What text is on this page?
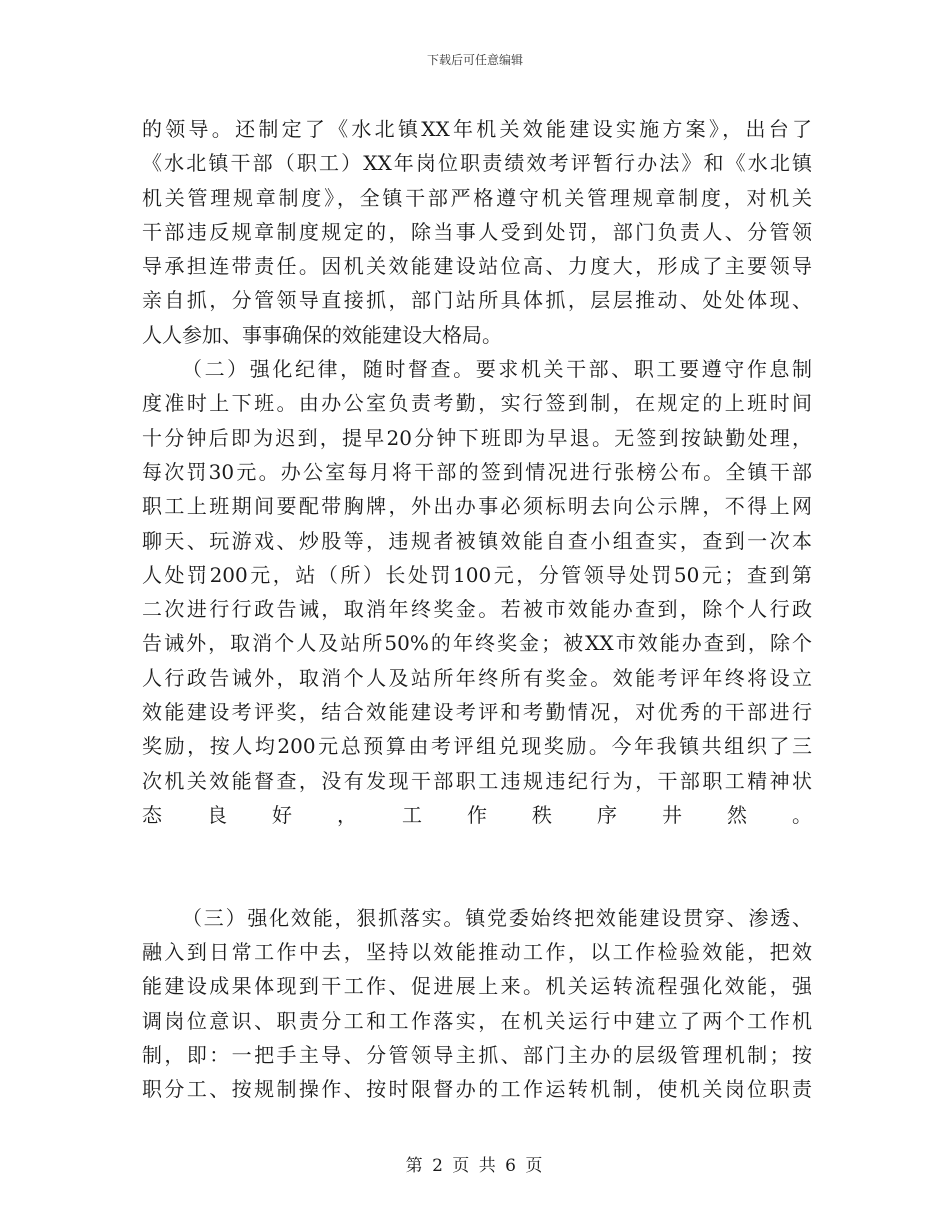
下载后可任意编辑
的领导。还制定了《水北镇XX年机关效能建设实施方案》，出台了
《水北镇干部（职工）XX年岗位职责绩效考评暂行办法》和《水北镇
机关管理规章制度》，全镇干部严格遵守机关管理规章制度，对机关
干部违反规章制度规定的，除当事人受到处罚，部门负责人、分管领
导承担连带责任。因机关效能建设站位高、力度大，形成了主要领导
亲自抓，分管领导直接抓，部门站所具体抓，层层推动、处处体现、
人人参加、事事确保的效能建设大格局。
（二）强化纪律，随时督查。要求机关干部、职工要遵守作息制
度准时上下班。由办公室负责考勤，实行签到制，在规定的上班时间
十分钟后即为迟到，提早20分钟下班即为早退。无签到按缺勤处理，
每次罚30元。办公室每月将干部的签到情况进行张榜公布。全镇干部
职工上班期间要配带胸牌，外出办事必须标明去向公示牌，不得上网
聊天、玩游戏、炒股等，违规者被镇效能自查小组查实，查到一次本
人处罚200元，站（所）长处罚100元，分管领导处罚50元；查到第
二次进行行政告诫，取消年终奖金。若被市效能办查到，除个人行政
告诫外，取消个人及站所50%的年终奖金；被XX市效能办查到，除个
人行政告诫外，取消个人及站所年终所有奖金。效能考评年终将设立
效能建设考评奖，结合效能建设考评和考勤情况，对优秀的干部进行
奖励，按人均200元总预算由考评组兑现奖励。今年我镇共组织了三
次机关效能督查，没有发现干部职工违规违纪行为，干部职工精神状
态良好，工作秩序井然。
（三）强化效能，狠抓落实。镇党委始终把效能建设贯穿、渗透、
融入到日常工作中去，坚持以效能推动工作，以工作检验效能，把效
能建设成果体现到干工作、促进展上来。机关运转流程强化效能，强
调岗位意识、职责分工和工作落实，在机关运行中建立了两个工作机
制，即：一把手主导、分管领导主抓、部门主办的层级管理机制；按
职分工、按规制操作、按时限督办的工作运转机制，使机关岗位职责
第 2 页 共 6 页
